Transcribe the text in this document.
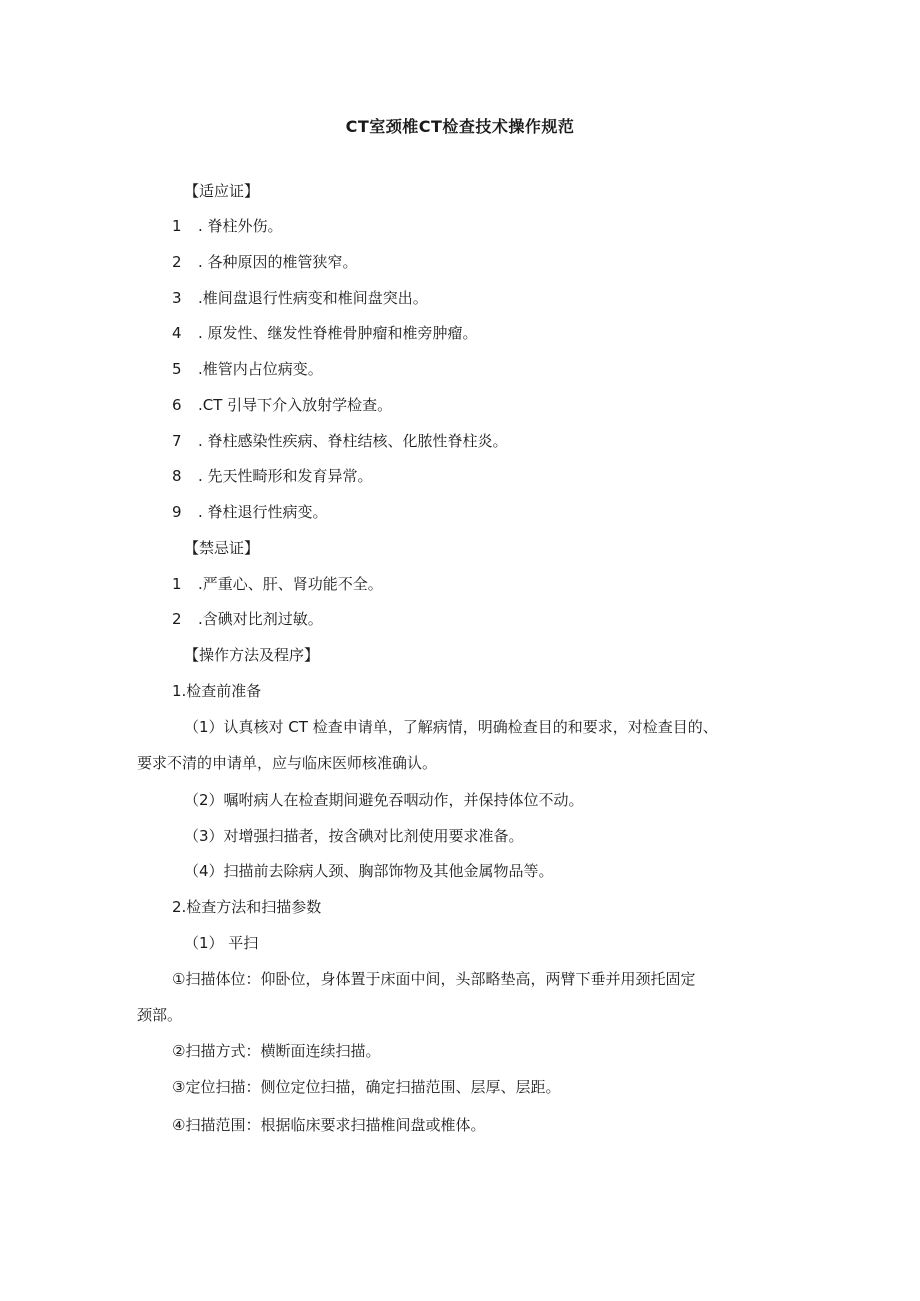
CT室颈椎CT检查技术操作规范
【适应证】
1 . 脊柱外伤。
2 . 各种原因的椎管狭窄。
3 .椎间盘退行性病变和椎间盘突出。
4 . 原发性、继发性脊椎骨肿瘤和椎旁肿瘤。
5 .椎管内占位病变。
6 .CT 引导下介入放射学检查。
7 . 脊柱感染性疾病、脊柱结核、化脓性脊柱炎。
8 . 先天性畸形和发育异常。
9 . 脊柱退行性病变。
【禁忌证】
1 .严重心、肝、肾功能不全。
2 .含碘对比剂过敏。
【操作方法及程序】
1.检查前准备
（1）认真核对 CT 检查申请单，了解病情，明确检查目的和要求，对检查目的、
要求不清的申请单，应与临床医师核准确认。
（2）嘱咐病人在检查期间避免吞咽动作，并保持体位不动。
（3）对增强扫描者，按含碘对比剂使用要求准备。
（4）扫描前去除病人颈、胸部饰物及其他金属物品等。
2.检查方法和扫描参数
（1） 平扫
①扫描体位：仰卧位，身体置于床面中间，头部略垫高，两臂下垂并用颈托固定
颈部。
②扫描方式：横断面连续扫描。
③定位扫描：侧位定位扫描，确定扫描范围、层厚、层距。
④扫描范围：根据临床要求扫描椎间盘或椎体。
